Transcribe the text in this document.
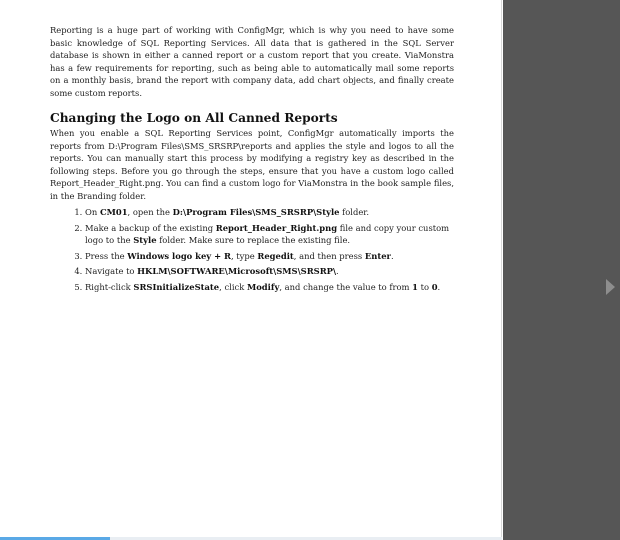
Reporting is a huge part of working with ConfigMgr, which is why you need to have some basic knowledge of SQL Reporting Services. All data that is gathered in the SQL Server database is shown in either a canned report or a custom report that you create. ViaMonstra has a few requirements for reporting, such as being able to automatically mail some reports on a monthly basis, brand the report with company data, add chart objects, and finally create some custom reports.

Changing the Logo on All Canned Reports

When you enable a SQL Reporting Services point, ConfigMgr automatically imports the reports from D:\Program Files\SMS_SRSRP\reports and applies the style and logos to all the reports. You can manually start this process by modifying a registry key as described in the following steps. Before you go through the steps, ensure that you have a custom logo called Report_Header_Right.png. You can find a custom logo for ViaMonstra in the book sample files, in the Branding folder.

1. On CM01, open the D:\Program Files\SMS_SRSRP\Style folder.
2. Make a backup of the existing Report_Header_Right.png file and copy your custom logo to the Style folder. Make sure to replace the existing file.
3. Press the Windows logo key + R, type Regedit, and then press Enter.
4. Navigate to HKLM\SOFTWARE\Microsoft\SMS\SRSRP\.
5. Right-click SRSInitializeState, click Modify, and change the value to from 1 to 0.
